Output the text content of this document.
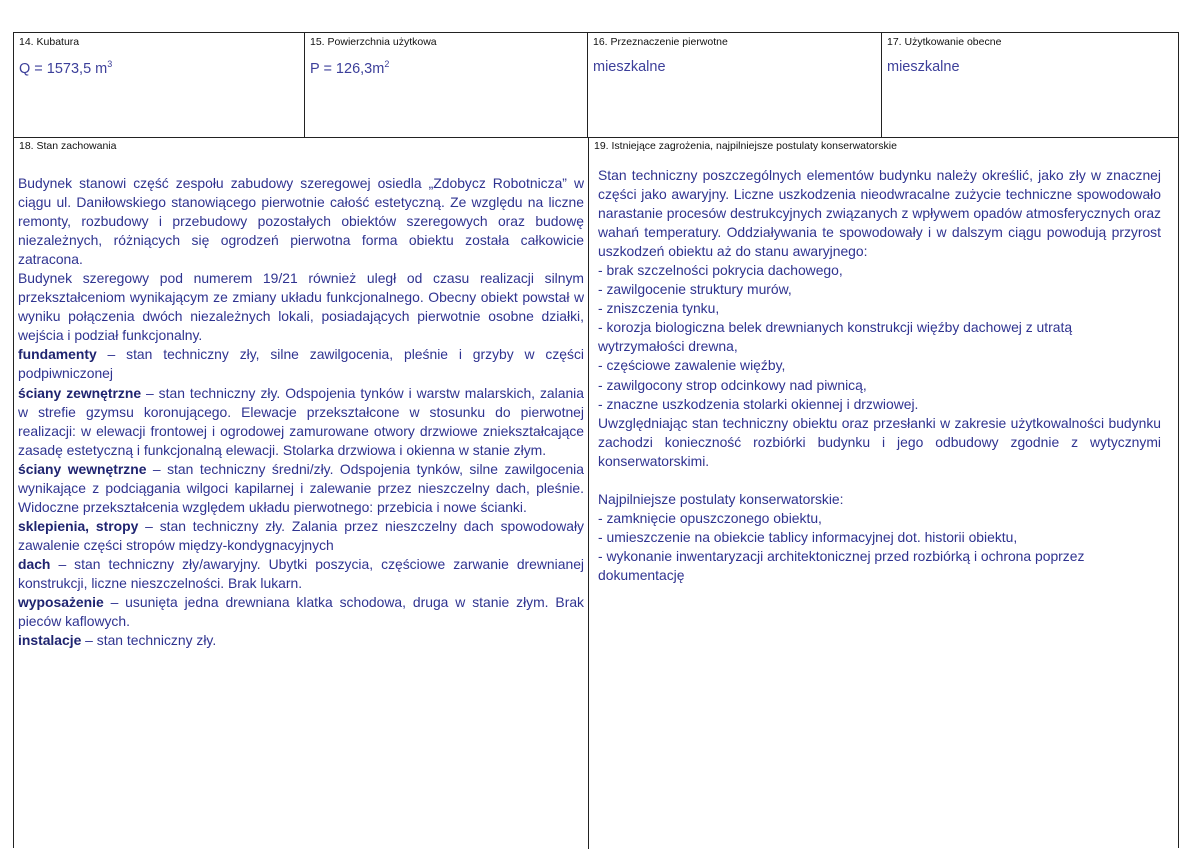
14. Kubatura
Q = 1573,5 $m^3$
15. Powierzchnia użytkowa
$P = 126,3m^2$
16. Przeznaczenie pierwotne
mieszkalne
17. Użytkowanie obecne
mieszkalne
18. Stan zachowania

Budynek stanowi część zespołu zabudowy szeregowej osiedla „Zdobycz Robotnicza” w ciągu ul. Daniłowskiego stanowiącego pierwotnie całość estetyczną. Ze względu na liczne remonty, rozbudowy i przebudowy pozostałych obiektów szeregowych oraz budowę niezależnych, różniących się ogrodzeń pierwotna forma obiektu została całkowicie zatracona.

Budynek szeregowy pod numerem 19/21 również uległ od czasu realizacji silnym przekształceniom wynikającym ze zmiany układu funkcjonalnego. Obecny obiekt powstał w wyniku połączenia dwóch niezależnych lokali, posiadających pierwotnie osobne działki, wejścia i podział funkcjonalny.

fundamenty – stan techniczny zły, silne zawilgocenia, pleśnie i grzyby w części podpiwniczonej

ściany zewnętrzne – stan techniczny zły. Odspojenia tynków i warstw malarskich, zalania w strefie gzymsu koronującego. Elewacje przekształcone w stosunku do pierwotnej realizacji: w elewacji frontowej i ogrodowej zamurowane otwory drzwiowe zniekształcające zasadę estetyczną i funkcjonalną elewacji. Stolarka drzwiowa i okienna w stanie złym.

ściany wewnętrzne – stan techniczny średni/zły. Odspojenia tynków, silne zawilgocenia wynikające z podciągania wilgoci kapilarnej i zalewanie przez nieszczelny dach, pleśnie. Widoczne przekształcenia względem układu pierwotnego: przebicia i nowe ścianki.

sklepienia, stropy – stan techniczny zły. Zalania przez nieszczelny dach spowodowały zawalenie części stropów między-kondygnacyjnych

dach – stan techniczny zły/awaryjny. Ubytki poszycia, częściowe zarwanie drewnianej konstrukcji, liczne nieszczelności. Brak lukarn.

wyposażenie – usunięta jedna drewniana klatka schodowa, druga w stanie złym. Brak pieców kaflowych.

instalacje – stan techniczny zły.

19. Istniejące zagrożenia, najpilniejsze postulaty konserwatorskie

Stan techniczny poszczególnych elementów budynku należy określić, jako zły w znacznej części jako awaryjny. Liczne uszkodzenia nieodwracalne zużycie techniczne spowodowało narastanie procesów destrukcyjnych związanych z wpływem opadów atmosferycznych oraz wahań temperatury. Oddziaływania te spowodowały i w dalszym ciągu powodują przyrost uszkodzeń obiektu aż do stanu awaryjnego:

- brak szczelności pokrycia dachowego,

- zawilgocenie struktury murów,

- zniszczenia tynku,

- korozja biologiczna belek drewnianych konstrukcji więźby dachowej z utratą wytrzymałości drewna,

- częściowe zawalenie więźby,

- zawilgocony strop odcinkowy nad piwnicą,

- znaczne uszkodzenia stolarki okiennej i drzwiowej.

Uwzględniając stan techniczny obiektu oraz przesłanki w zakresie użytkowalności budynku zachodzi konieczność rozbiórki budynku i jego odbudowy zgodnie z wytycznymi konserwatorskimi.

Najpilniejsze postulaty konserwatorskie:

- zamknięcie opuszczonego obiektu,

- umieszczenie na obiekcie tablicy informacyjnej dot. historii obiektu,

- wykonanie inwentaryzacji architektonicznej przed rozbiórką i ochrona poprzez dokumentację
